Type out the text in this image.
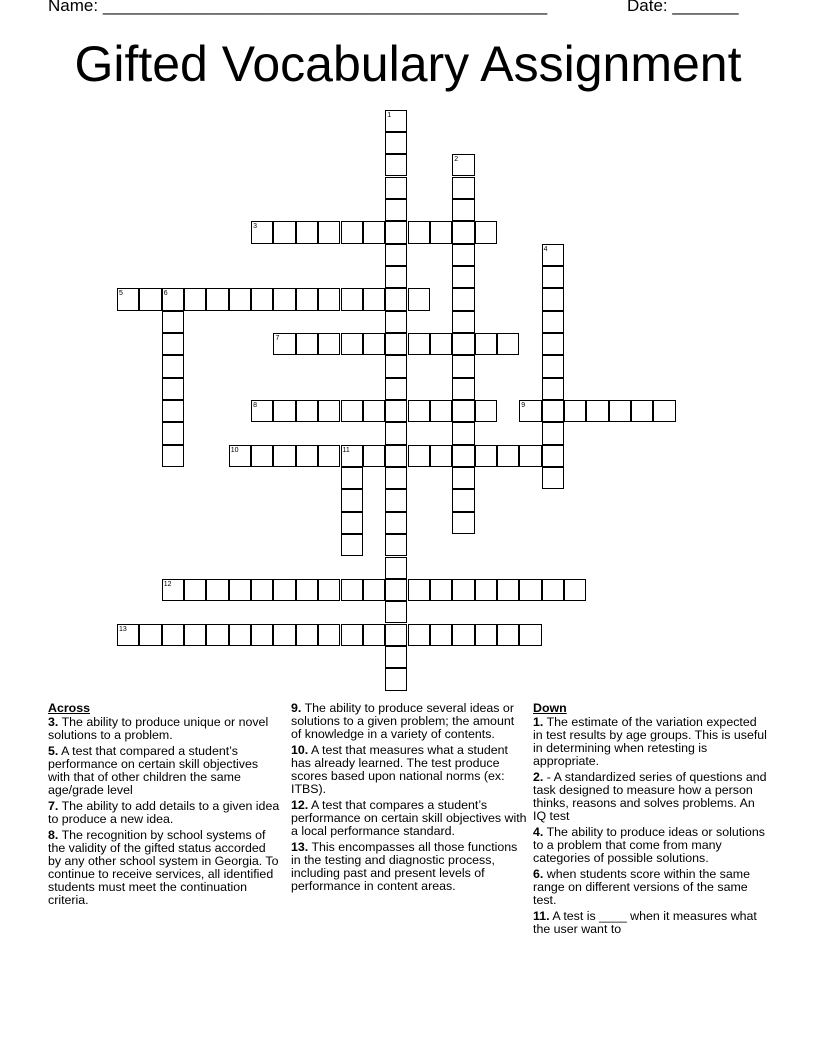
Name: _______________________________________________	Date: _______
Gifted Vocabulary Assignment
1
2
3
4
5	6
7
8	9
10	11
12
13
Across
3. The ability to produce unique or novel solutions to a problem.
5. A test that compared a student’s performance on certain skill objectives with that of other children the same age/grade level
7. The ability to add details to a given idea to produce a new idea.
8. The recognition by school systems of the validity of the gifted status accorded by any other school system in Georgia. To continue to receive services, all identified students must meet the continuation criteria.
9. The ability to produce several ideas or solutions to a given problem; the amount of knowledge in a variety of contents.
10. A test that measures what a student has already learned. The test produce scores based upon national norms (ex: ITBS).
12. A test that compares a student’s performance on certain skill objectives with a local performance standard.
13. This encompasses all those functions in the testing and diagnostic process, including past and present levels of performance in content areas.
Down
1. The estimate of the variation expected in test results by age groups. This is useful in determining when retesting is appropriate.
2. - A standardized series of questions and task designed to measure how a person thinks, reasons and solves problems. An IQ test
4. The ability to produce ideas or solutions to a problem that come from many categories of possible solutions.
6. when students score within the same range on different versions of the same test.
11. A test is ____ when it measures what the user want to
